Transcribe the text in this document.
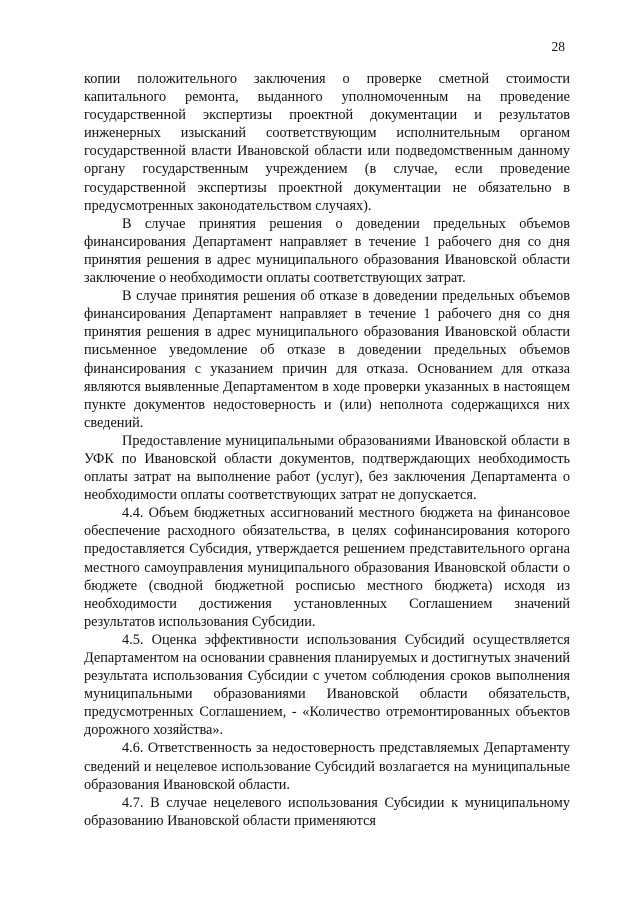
28

копии положительного заключения о проверке сметной стоимости капитального ремонта, выданного уполномоченным на проведение государственной экспертизы проектной документации и результатов инженерных изысканий соответствующим исполнительным органом государственной власти Ивановской области или подведомственным данному органу государственным учреждением (в случае, если проведение государственной экспертизы проектной документации не обязательно в предусмотренных законодательством случаях).

В случае принятия решения о доведении предельных объемов финансирования Департамент направляет в течение 1 рабочего дня со дня принятия решения в адрес муниципального образования Ивановской области заключение о необходимости оплаты соответствующих затрат.

В случае принятия решения об отказе в доведении предельных объемов финансирования Департамент направляет в течение 1 рабочего дня со дня принятия решения в адрес муниципального образования Ивановской области письменное уведомление об отказе в доведении предельных объемов финансирования с указанием причин для отказа. Основанием для отказа являются выявленные Департаментом в ходе проверки указанных в настоящем пункте документов недостоверность и (или) неполнота содержащихся них сведений.

Предоставление муниципальными образованиями Ивановской области в УФК по Ивановской области документов, подтверждающих необходимость оплаты затрат на выполнение работ (услуг), без заключения Департамента о необходимости оплаты соответствующих затрат не допускается.

4.4. Объем бюджетных ассигнований местного бюджета на финансовое обеспечение расходного обязательства, в целях софинансирования которого предоставляется Субсидия, утверждается решением представительного органа местного самоуправления муниципального образования Ивановской области о бюджете (сводной бюджетной росписью местного бюджета) исходя из необходимости достижения установленных Соглашением значений результатов использования Субсидии.

4.5. Оценка эффективности использования Субсидий осуществляется Департаментом на основании сравнения планируемых и достигнутых значений результата использования Субсидии с учетом соблюдения сроков выполнения муниципальными образованиями Ивановской области обязательств, предусмотренных Соглашением, - «Количество отремонтированных объектов дорожного хозяйства».

4.6. Ответственность за недостоверность представляемых Департаменту сведений и нецелевое использование Субсидий возлагается на муниципальные образования Ивановской области.

4.7. В случае нецелевого использования Субсидии к муниципальному образованию Ивановской области применяются
